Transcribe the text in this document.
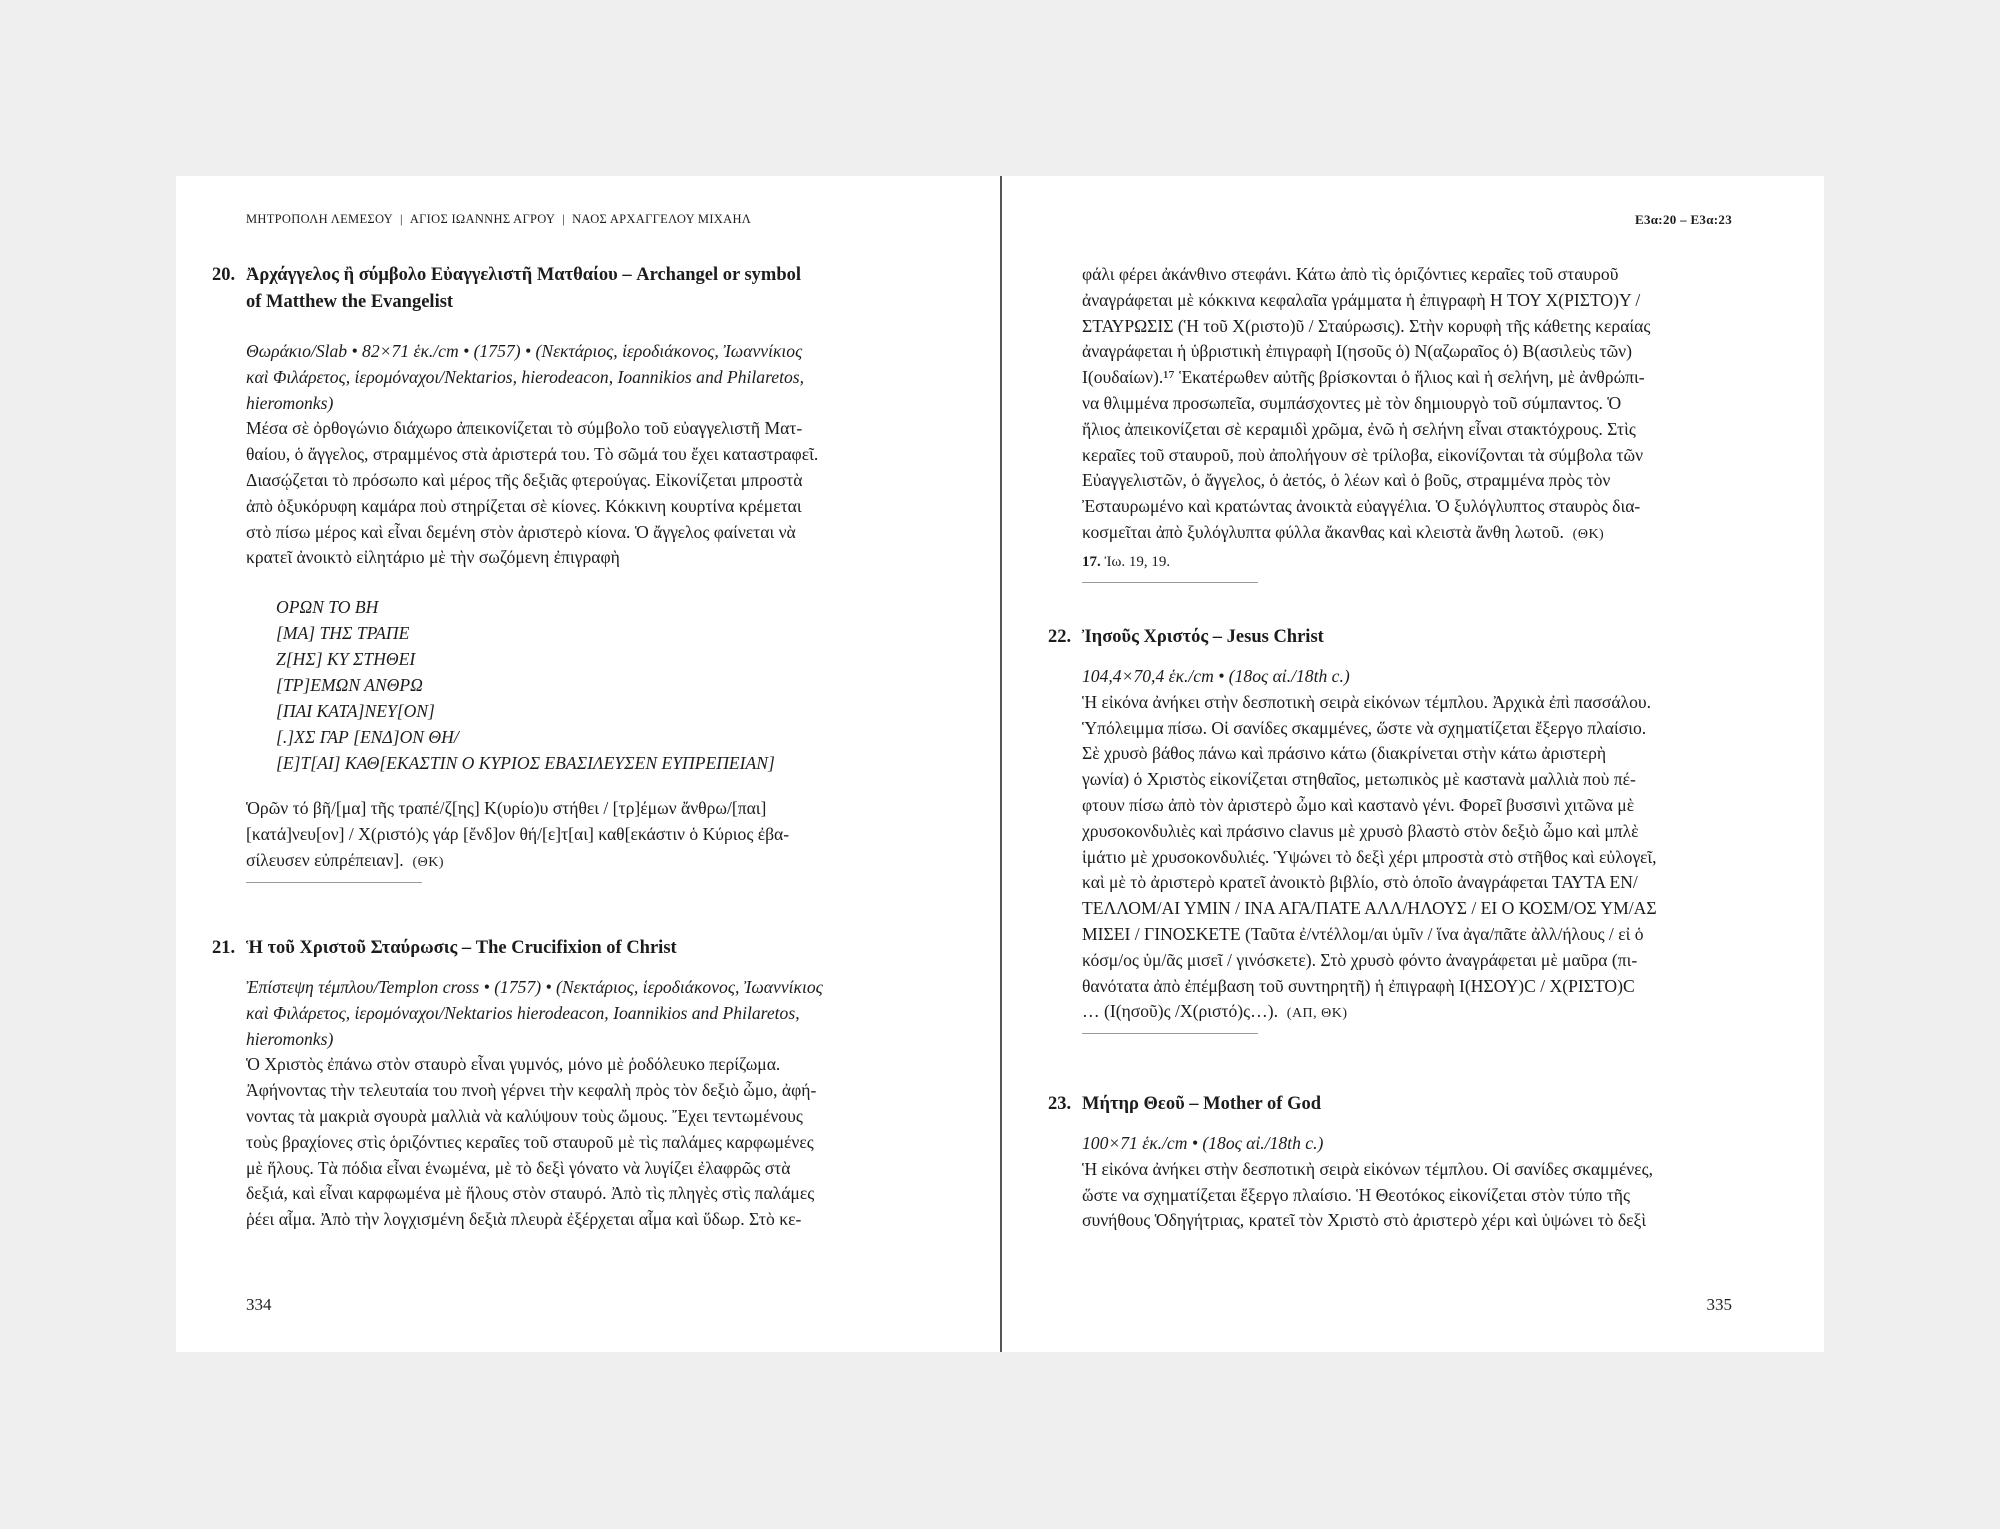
ΜΗΤΡΟΠΟΛΗ ΛΕΜΕΣΟΥ | ΑΓΙΟΣ ΙΩΑΝΝΗΣ ΑΓΡΟΥ | ΝΑΟΣ ΑΡΧΑΓΓΕΛΟΥ ΜΙΧΑΗΛ
20. Ἀρχάγγελος ἢ σύμβολο Εὐαγγελιστῆ Ματθαίου – Archangel or symbol
of Matthew the Evangelist
Θωράκιο/Slab • 82×71 ἑκ./cm • (1757) • (Νεκτάριος, ἱεροδιάκονος, Ἰωαννίκιος
καὶ Φιλάρετος, ἱερομόναχοι/Nektarios, hierodeacon, Ioannikios and Philaretos,
hieromonks)
Μέσα σὲ ὀρθογώνιο διάχωρο ἀπεικονίζεται τὸ σύμβολο τοῦ εὐαγγελιστῆ Ματ-
θαίου, ὁ ἄγγελος, στραμμένος στὰ ἀριστερά του. Τὸ σῶμά του ἔχει καταστραφεῖ.
Διασῴζεται τὸ πρόσωπο καὶ μέρος τῆς δεξιᾶς φτερούγας. Εἰκονίζεται μπροστὰ
ἀπὸ ὀξυκόρυφη καμάρα ποὺ στηρίζεται σὲ κίονες. Κόκκινη κουρτίνα κρέμεται
στὸ πίσω μέρος καὶ εἶναι δεμένη στὸν ἀριστερὸ κίονα. Ὁ ἄγγελος φαίνεται νὰ
κρατεῖ ἀνοικτὸ εἰλητάριο μὲ τὴν σωζόμενη ἐπιγραφὴ
ΟΡΩΝ ΤΟ ΒΗ
[ΜΑ] ΤΗΣ ΤΡΑΠΕ
Ζ[ΗΣ] ΚΥ ΣΤΗΘΕΙ
[ΤΡ]ΕΜΩΝ ΑΝΘΡΩ
[ΠΑΙ ΚΑΤΑ]ΝΕΥ[ΟΝ]
[.]ΧΣ ΓΑΡ [ΕΝΔ]ΟΝ ΘΗ/
[Ε]Τ[ΑΙ] ΚΑΘ[ΕΚΑΣΤΙΝ Ο ΚΥΡΙΟΣ ΕΒΑΣΙΛΕΥΣΕΝ ΕΥΠΡΕΠΕΙΑΝ]
Ὁρῶν τό βῆ/[μα] τῆς τραπέ/ζ[ης] Κ(υρίο)υ στήθει / [τρ]έμων ἄνθρω/[παι]
[κατά]νευ[ον] / Χ(ριστό)ς γάρ [ἔνδ]ον θή/[ε]τ[αι] καθ[εκάστιν ὁ Κύριος ἐβα-
σίλευσεν εὐπρέπειαν]. (ΘΚ)
21. Ἡ τοῦ Χριστοῦ Σταύρωσις – The Crucifixion of Christ
Ἐπίστεψη τέμπλου/Templon cross • (1757) • (Νεκτάριος, ἱεροδιάκονος, Ἰωαννίκιος
καὶ Φιλάρετος, ἱερομόναχοι/Nektarios hierodeacon, Ioannikios and Philaretos,
hieromonks)
Ὁ Χριστὸς ἐπάνω στὸν σταυρὸ εἶναι γυμνός, μόνο μὲ ῥοδόλευκο περίζωμα.
Ἀφήνοντας τὴν τελευταία του πνοὴ γέρνει τὴν κεφαλὴ πρὸς τὸν δεξιὸ ὦμο, ἀφή-
νοντας τὰ μακριὰ σγουρὰ μαλλιὰ νὰ καλύψουν τοὺς ὤμους. Ἔχει τεντωμένους
τοὺς βραχίονες στὶς ὁριζόντιες κεραῖες τοῦ σταυροῦ μὲ τὶς παλάμες καρφωμένες
μὲ ἥλους. Τὰ πόδια εἶναι ἑνωμένα, μὲ τὸ δεξὶ γόνατο νὰ λυγίζει ἐλαφρῶς στὰ
δεξιά, καὶ εἶναι καρφωμένα μὲ ἥλους στὸν σταυρό. Ἀπὸ τὶς πληγὲς στὶς παλάμες
ῥέει αἷμα. Ἀπὸ τὴν λογχισμένη δεξιὰ πλευρὰ ἐξέρχεται αἷμα καὶ ὕδωρ. Στὸ κε-
334
Ε3α:20 – Ε3α:23
φάλι φέρει ἀκάνθινο στεφάνι. Κάτω ἀπὸ τὶς ὁριζόντιες κεραῖες τοῦ σταυροῦ
ἀναγράφεται μὲ κόκκινα κεφαλαῖα γράμματα ἡ ἐπιγραφὴ Η ΤΟΥ Χ(ΡΙΣΤΟ)Υ /
ΣΤΑΥΡΩΣΙΣ (Ἡ τοῦ Χ(ριστο)ῦ / Σταύρωσις). Στὴν κορυφὴ τῆς κάθετης κεραίας
ἀναγράφεται ἡ ὑβριστικὴ ἐπιγραφὴ Ι(ησοῦς ὁ) Ν(αζωραῖος ὁ) Β(ασιλεὺς τῶν)
Ι(ουδαίων).¹⁷ Ἑκατέρωθεν αὐτῆς βρίσκονται ὁ ἥλιος καὶ ἡ σελήνη, μὲ ἀνθρώπι-
να θλιμμένα προσωπεῖα, συμπάσχοντες μὲ τὸν δημιουργὸ τοῦ σύμπαντος. Ὁ
ἥλιος ἀπεικονίζεται σὲ κεραμιδὶ χρῶμα, ἐνῶ ἡ σελήνη εἶναι στακτόχρους. Στὶς
κεραῖες τοῦ σταυροῦ, ποὺ ἀπολήγουν σὲ τρίλοβα, εἰκονίζονται τὰ σύμβολα τῶν
Εὐαγγελιστῶν, ὁ ἄγγελος, ὁ ἀετός, ὁ λέων καὶ ὁ βοῦς, στραμμένα πρὸς τὸν
Ἐσταυρωμένο καὶ κρατώντας ἀνοικτὰ εὐαγγέλια. Ὁ ξυλόγλυπτος σταυρὸς δια-
κοσμεῖται ἀπὸ ξυλόγλυπτα φύλλα ἄκανθας καὶ κλειστὰ ἄνθη λωτοῦ. (ΘΚ)
17. Ἰω. 19, 19.
22. Ἰησοῦς Χριστός – Jesus Christ
104,4×70,4 ἑκ./cm • (18ος αἰ./18th c.)
Ἡ εἰκόνα ἀνήκει στὴν δεσποτικὴ σειρὰ εἰκόνων τέμπλου. Ἀρχικὰ ἐπὶ πασσάλου.
Ὑπόλειμμα πίσω. Οἱ σανίδες σκαμμένες, ὥστε νὰ σχηματίζεται ἔξεργο πλαίσιο.
Σὲ χρυσὸ βάθος πάνω καὶ πράσινο κάτω (διακρίνεται στὴν κάτω ἀριστερὴ
γωνία) ὁ Χριστὸς εἰκονίζεται στηθαῖος, μετωπικὸς μὲ καστανὰ μαλλιὰ ποὺ πέ-
φτουν πίσω ἀπὸ τὸν ἀριστερὸ ὦμο καὶ καστανὸ γένι. Φορεῖ βυσσινὶ χιτῶνα μὲ
χρυσοκονδυλιὲς καὶ πράσινο clavus μὲ χρυσὸ βλαστὸ στὸν δεξιὸ ὦμο καὶ μπλὲ
ἱμάτιο μὲ χρυσοκονδυλιές. Ὑψώνει τὸ δεξὶ χέρι μπροστὰ στὸ στῆθος καὶ εὐλογεῖ,
καὶ μὲ τὸ ἀριστερὸ κρατεῖ ἀνοικτὸ βιβλίο, στὸ ὁποῖο ἀναγράφεται ΤΑΥΤΑ ΕΝ/
ΤΕΛΛΟΜ/ΑΙ ΥΜΙΝ / ΙΝΑ ΑΓΑ/ΠΑΤΕ ΑΛΛ/ΗΛΟΥΣ / ΕΙ Ο ΚΟΣΜ/ΟΣ ΥΜ/ΑΣ
ΜΙΣΕΙ / ΓΙΝΟΣΚΕΤΕ (Ταῦτα ἐ/ντέλλομ/αι ὑμῖν / ἵνα ἀγα/πᾶτε ἀλλ/ήλους / εἰ ὁ
κόσμ/ος ὑμ/ᾶς μισεῖ / γινόσκετε). Στὸ χρυσὸ φόντο ἀναγράφεται μὲ μαῦρα (πι-
θανότατα ἀπὸ ἐπέμβαση τοῦ συντηρητῆ) ἡ ἐπιγραφὴ Ι(ΗΣΟΥ)C / Χ(ΡΙΣΤΟ)C
… (Ι(ησοῦ)ς /Χ(ριστό)ς…). (ΑΠ, ΘΚ)
23. Μήτηρ Θεοῦ – Mother of God
100×71 ἑκ./cm • (18ος αἰ./18th c.)
Ἡ εἰκόνα ἀνήκει στὴν δεσποτικὴ σειρὰ εἰκόνων τέμπλου. Οἱ σανίδες σκαμμένες,
ὥστε να σχηματίζεται ἔξεργο πλαίσιο. Ἡ Θεοτόκος εἰκονίζεται στὸν τύπο τῆς
συνήθους Ὁδηγήτριας, κρατεῖ τὸν Χριστὸ στὸ ἀριστερὸ χέρι καὶ ὑψώνει τὸ δεξὶ
335
